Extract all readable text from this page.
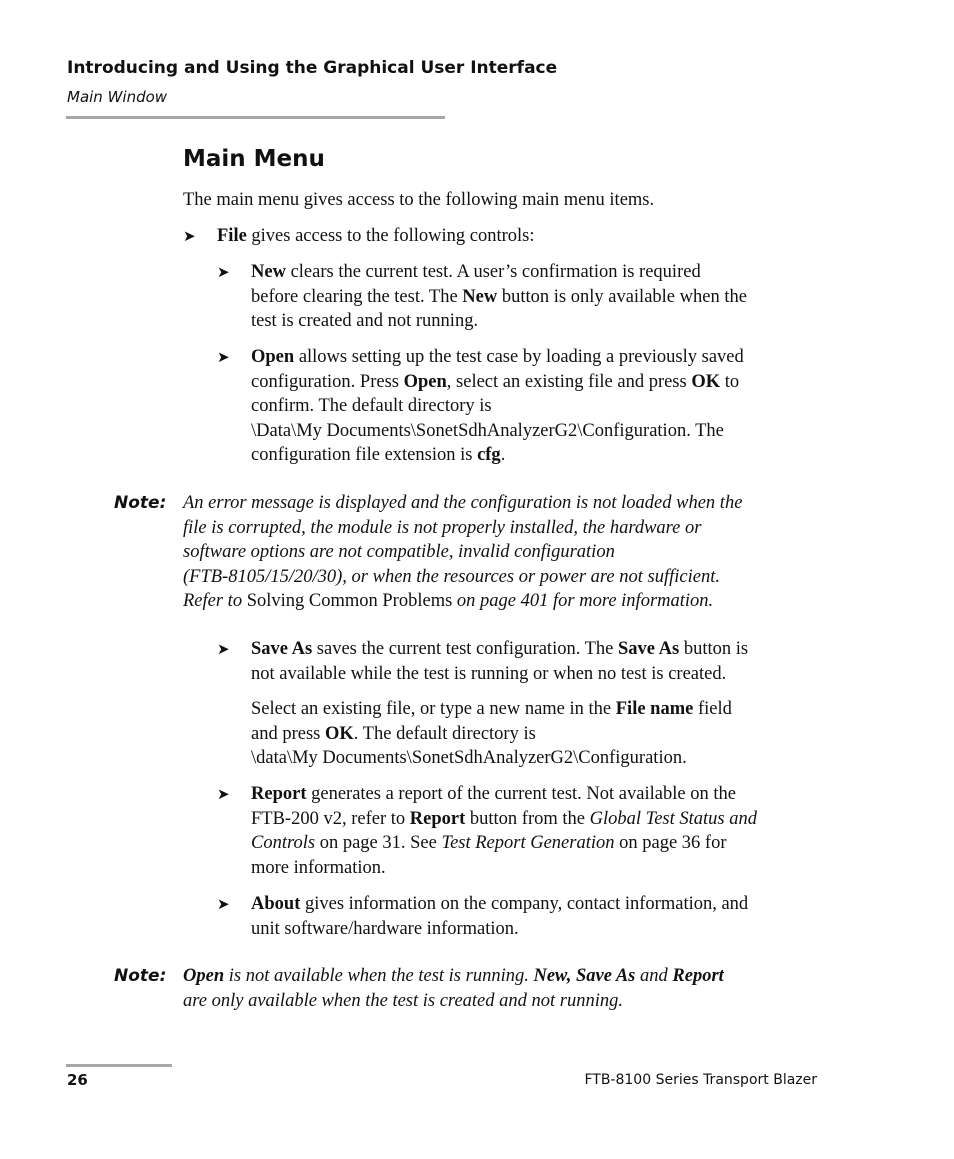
Introducing and Using the Graphical User Interface
Main Window
Main Menu
The main menu gives access to the following main menu items.
➤ File gives access to the following controls:
➤ New clears the current test. A user’s confirmation is required
before clearing the test. The New button is only available when the
test is created and not running.
➤ Open allows setting up the test case by loading a previously saved
configuration. Press Open, select an existing file and press OK to
confirm. The default directory is
\Data\My Documents\SonetSdhAnalyzerG2\Configuration. The
configuration file extension is cfg.
Note: An error message is displayed and the configuration is not loaded when the
file is corrupted, the module is not properly installed, the hardware or
software options are not compatible, invalid configuration
(FTB-8105/15/20/30), or when the resources or power are not sufficient.
Refer to Solving Common Problems on page 401 for more information.
➤ Save As saves the current test configuration. The Save As button is
not available while the test is running or when no test is created.
Select an existing file, or type a new name in the File name field
and press OK. The default directory is
\data\My Documents\SonetSdhAnalyzerG2\Configuration.
➤ Report generates a report of the current test. Not available on the
FTB-200 v2, refer to Report button from the Global Test Status and
Controls on page 31. See Test Report Generation on page 36 for
more information.
➤ About gives information on the company, contact information, and
unit software/hardware information.
Note: Open is not available when the test is running. New, Save As and Report
are only available when the test is created and not running.
26	FTB-8100 Series Transport Blazer
